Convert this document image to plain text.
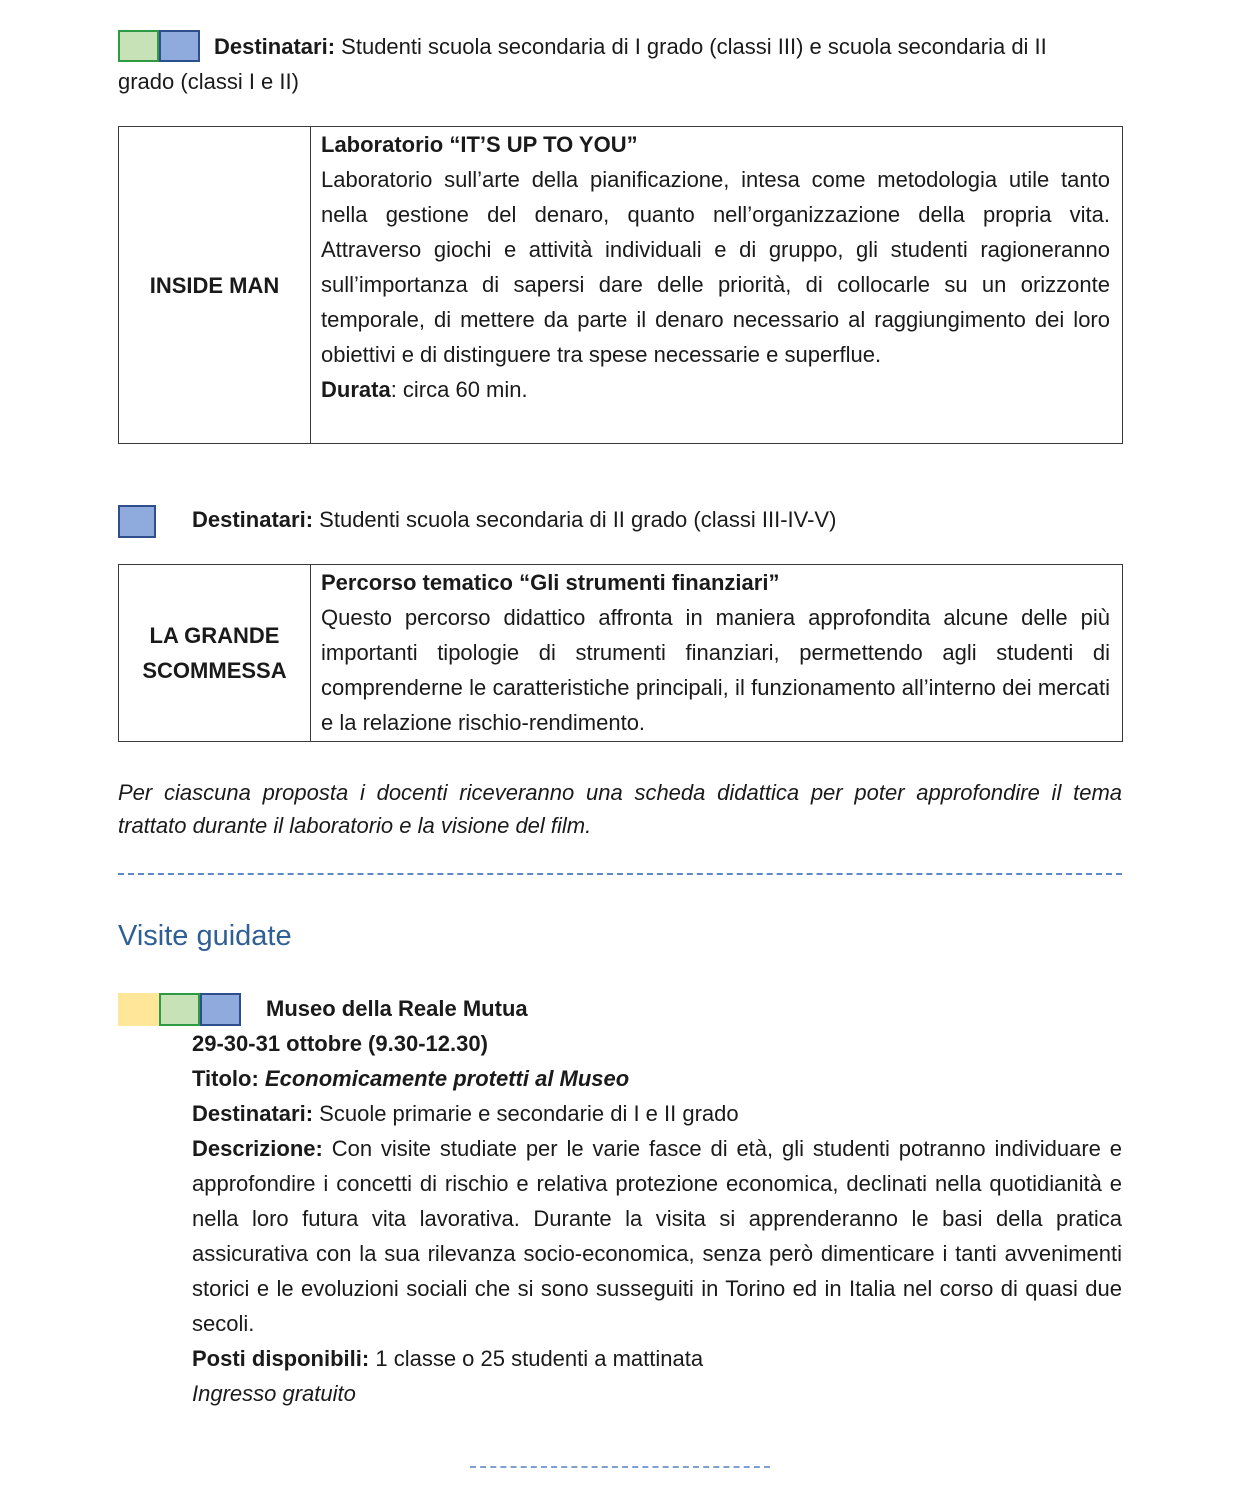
Destinatari: Studenti scuola secondaria di I grado (classi III) e scuola secondaria di II
grado (classi I e II)
INSIDE MAN
Laboratorio “IT’S UP TO YOU”
Laboratorio sull’arte della pianificazione, intesa come metodologia utile tanto nella gestione del denaro, quanto nell’organizzazione della propria vita. Attraverso giochi e attività individuali e di gruppo, gli studenti ragioneranno sull’importanza di sapersi dare delle priorità, di collocarle su un orizzonte temporale, di mettere da parte il denaro necessario al raggiungimento dei loro obiettivi e di distinguere tra spese necessarie e superflue.
Durata: circa 60 min.
Destinatari: Studenti scuola secondaria di II grado (classi III-IV-V)
LA GRANDE
SCOMMESSA
Percorso tematico “Gli strumenti finanziari”
Questo percorso didattico affronta in maniera approfondita alcune delle più importanti tipologie di strumenti finanziari, permettendo agli studenti di comprenderne le caratteristiche principali, il funzionamento all’interno dei mercati e la relazione rischio-rendimento.
Per ciascuna proposta i docenti riceveranno una scheda didattica per poter approfondire il tema trattato durante il laboratorio e la visione del film.
Visite guidate
Museo della Reale Mutua
29-30-31 ottobre (9.30-12.30)
Titolo: Economicamente protetti al Museo
Destinatari: Scuole primarie e secondarie di I e II grado
Descrizione: Con visite studiate per le varie fasce di età, gli studenti potranno individuare e approfondire i concetti di rischio e relativa protezione economica, declinati nella quotidianità e nella loro futura vita lavorativa. Durante la visita si apprenderanno le basi della pratica assicurativa con la sua rilevanza socio-economica, senza però dimenticare i tanti avvenimenti storici e le evoluzioni sociali che si sono susseguiti in Torino ed in Italia nel corso di quasi due secoli.
Posti disponibili: 1 classe o 25 studenti a mattinata
Ingresso gratuito
